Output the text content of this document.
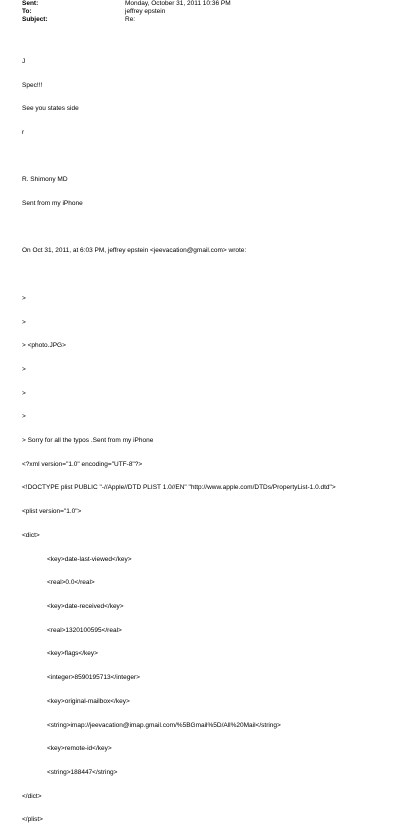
Sent:	Monday, October 31, 2011 10:36 PM
To:	jeffrey epstein
Subject:	Re:

J

Spec!!!

See you states side

r

R. Shimony MD

Sent from my iPhone

On Oct 31, 2011, at 6:03 PM, jeffrey epstein <jeevacation@gmail.com> wrote:

>

>

> <photo.JPG>

>

>

>

> Sorry for all the typos .Sent from my iPhone

<?xml version="1.0" encoding="UTF-8"?>

<!DOCTYPE plist PUBLIC "-//Apple//DTD PLIST 1.0//EN" "http://www.apple.com/DTDs/PropertyList-1.0.dtd">

<plist version="1.0">

<dict>

<key>date-last-viewed</key>

<real>0.0</real>

<key>date-received</key>

<real>1320100595</real>

<key>flags</key>

<integer>8590195713</integer>

<key>original-mailbox</key>

<string>imap://jeevacation@imap.gmail.com/%5BGmail%5D/All%20Mail</string>

<key>remote-id</key>

<string>188447</string>

</dict>

</plist>
